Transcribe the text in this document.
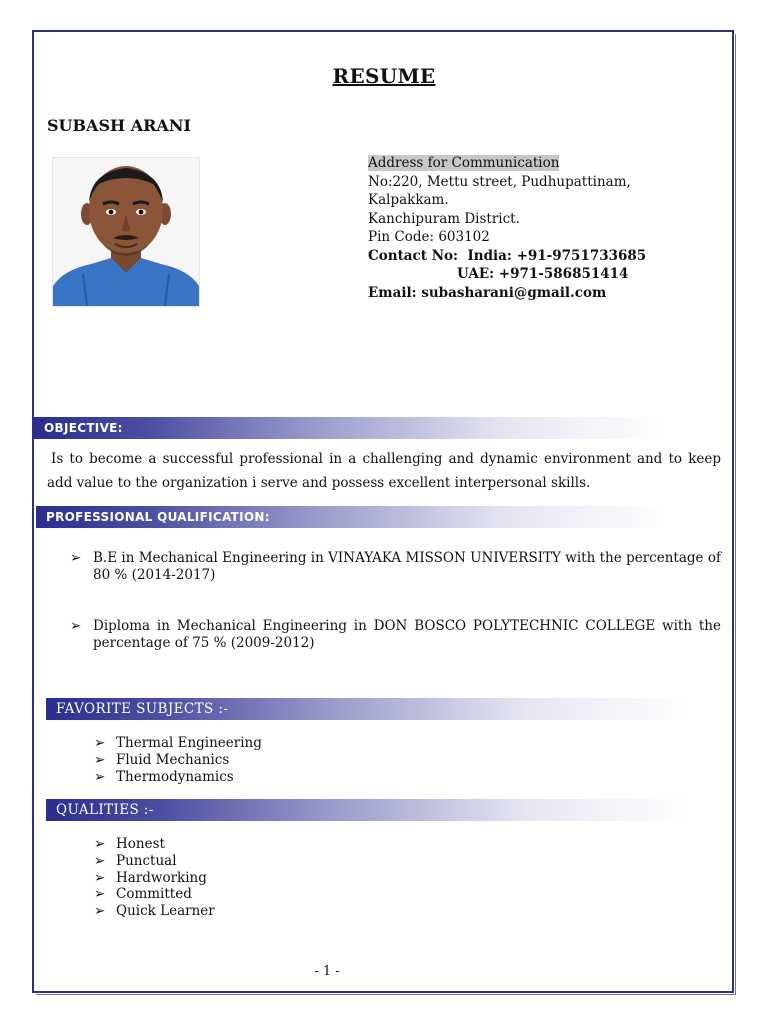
RESUME
SUBASH ARANI
Address for Communication
No:220, Mettu street, Pudhupattinam,
Kalpakkam.
Kanchipuram District.
Pin Code: 603102
Contact No: India: +91-9751733685
UAE: +971-586851414
Email: subasharani@gmail.com
OBJECTIVE:
Is to become a successful professional in a challenging and dynamic environment and to keep add value to the organization i serve and possess excellent interpersonal skills.
PROFESSIONAL QUALIFICATION:
➢ B.E in Mechanical Engineering in VINAYAKA MISSON UNIVERSITY with the percentage of 80 % (2014-2017)
➢ Diploma in Mechanical Engineering in DON BOSCO POLYTECHNIC COLLEGE with the percentage of 75 % (2009-2012)
FAVORITE SUBJECTS :-
➢ Thermal Engineering
➢ Fluid Mechanics
➢ Thermodynamics
QUALITIES :-
➢ Honest
➢ Punctual
➢ Hardworking
➢ Committed
➢ Quick Learner
- 1 -
